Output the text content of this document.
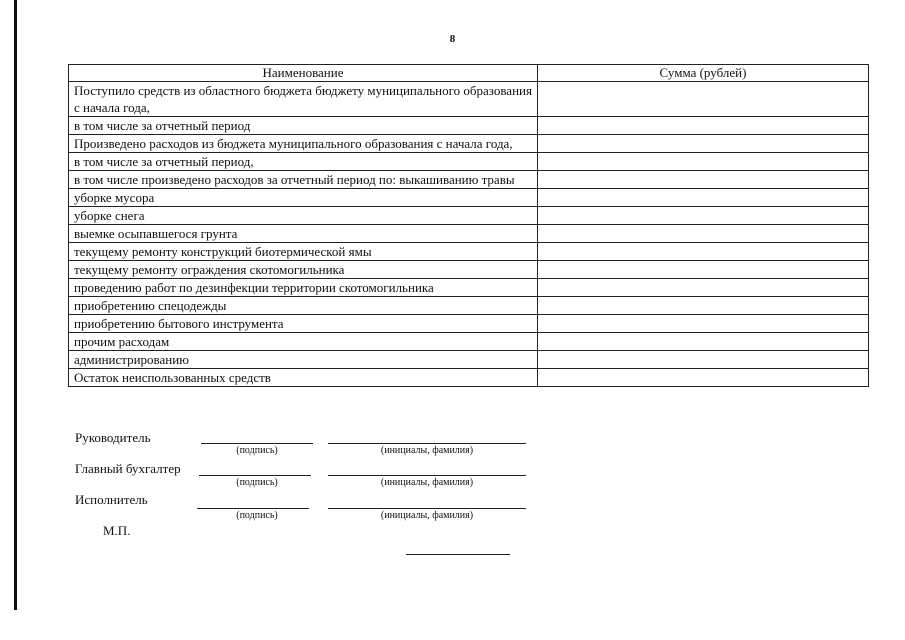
8
Наименование	Сумма (рублей)
Поступило средств из областного бюджета бюджету муниципального образования с начала года,	
в том числе за отчетный период	
Произведено расходов из бюджета муниципального образования с начала года,	
в том числе за отчетный период,	
в том числе произведено расходов за отчетный период по: выкашиванию травы	
уборке мусора	
уборке снега	
выемке осыпавшегося грунта	
текущему ремонту конструкций биотермической ямы	
текущему ремонту ограждения скотомогильника	
проведению работ по дезинфекции территории скотомогильника	
приобретению спецодежды	
приобретению бытового инструмента	
прочим расходам	
администрированию	
Остаток неиспользованных средств	
Руководитель
(подпись)	(инициалы, фамилия)
Главный бухгалтер
(подпись)	(инициалы, фамилия)
Исполнитель
(подпись)	(инициалы, фамилия)
М.П.
